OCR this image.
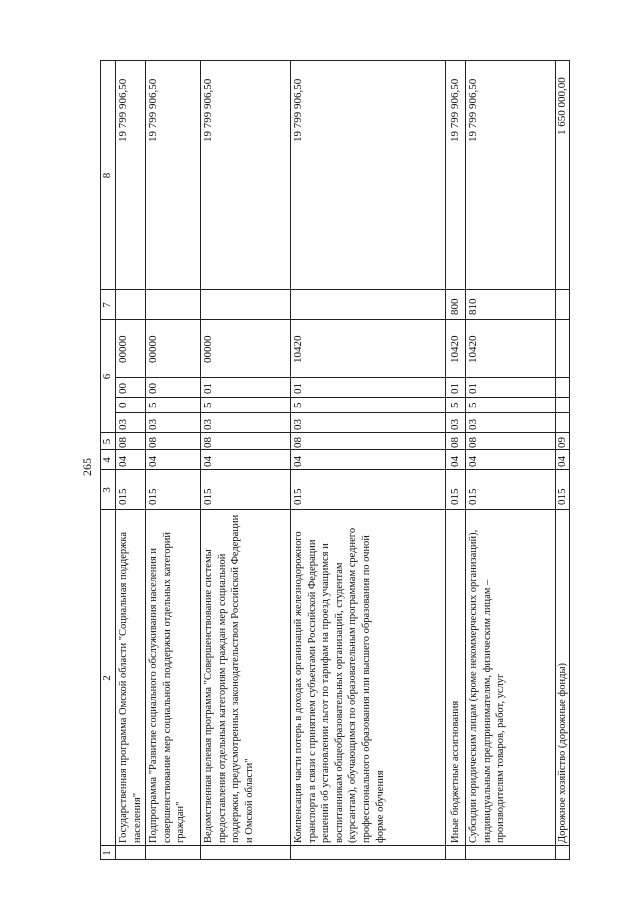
265
1
2
3
4
5
6
7
8
Государственная программа Омской области "Социальная поддержка населения"
015
04
08
03
0
00
00000
19 799 906,50
Подпрограмма "Развитие социального обслуживания населения и совершенствование мер социальной поддержки отдельных категорий граждан"
015
04
08
03
5
00
00000
19 799 906,50
Ведомственная целевая программа "Совершенствование системы предоставления отдельным категориям граждан мер социальной поддержки, предусмотренных законодательством Российской Федерации и Омской области"
015
04
08
03
5
01
00000
19 799 906,50
Компенсация части потерь в доходах организаций железнодорожного транспорта в связи с принятием субъектами Российской Федерации решений об установлении льгот по тарифам на проезд учащимся и воспитанникам общеобразовательных организаций, студентам (курсантам), обучающимся по образовательным программам среднего профессионального образования или высшего образования по очной форме обучения
015
04
08
03
5
01
10420
19 799 906,50
Иные бюджетные ассигнования
015
04
08
03
5
01
10420
800
19 799 906,50
Субсидии юридическим лицам (кроме некоммерческих организаций), индивидуальным предпринимателям, физическим лицам – производителям товаров, работ, услуг
015
04
08
03
5
01
10420
810
19 799 906,50
Дорожное хозяйство (дорожные фонды)
015
04
09
1 650 000,00
